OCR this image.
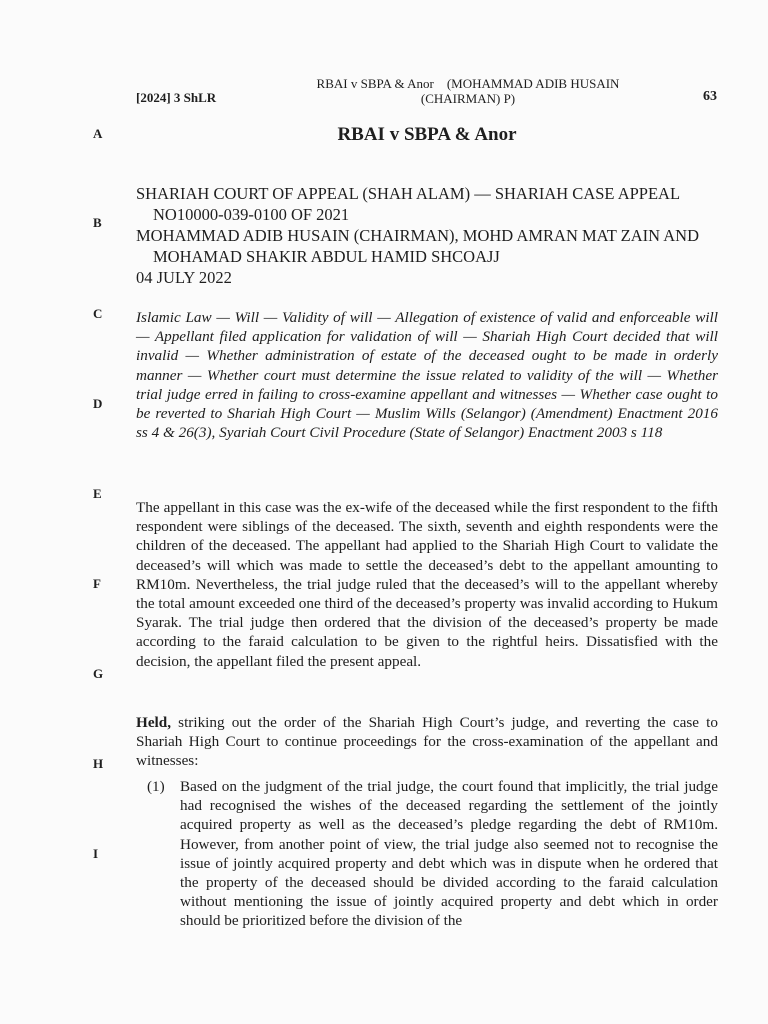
[2024] 3 ShLR
RBAI v SBPA & Anor    (MOHAMMAD ADIB HUSAIN
(CHAIRMAN) P)	63
A
B
C
D
E
F
G
H
I
RBAI v SBPA & Anor

SHARIAH COURT OF APPEAL (SHAH ALAM) — SHARIAH CASE APPEAL NO10000-039-0100 OF 2021

MOHAMMAD ADIB HUSAIN (CHAIRMAN), MOHD AMRAN MAT ZAIN AND MOHAMAD SHAKIR ABDUL HAMID SHCOAJJ

04 JULY 2022

Islamic Law — Will — Validity of will — Allegation of existence of valid and enforceable will — Appellant filed application for validation of will — Shariah High Court decided that will invalid — Whether administration of estate of the deceased ought to be made in orderly manner — Whether court must determine the issue related to validity of the will — Whether trial judge erred in failing to cross-examine appellant and witnesses — Whether case ought to be reverted to Shariah High Court — Muslim Wills (Selangor) (Amendment) Enactment 2016 ss 4 & 26(3), Syariah Court Civil Procedure (State of Selangor) Enactment 2003 s 118
The appellant in this case was the ex-wife of the deceased while the first respondent to the fifth respondent were siblings of the deceased. The sixth, seventh and eighth respondents were the children of the deceased. The appellant had applied to the Shariah High Court to validate the deceased’s will which was made to settle the deceased’s debt to the appellant amounting to RM10m. Nevertheless, the trial judge ruled that the deceased’s will to the appellant whereby the total amount exceeded one third of the deceased’s property was invalid according to Hukum Syarak. The trial judge then ordered that the division of the deceased’s property be made according to the faraid calculation to be given to the rightful heirs. Dissatisfied with the decision, the appellant filed the present appeal.
Held, striking out the order of the Shariah High Court’s judge, and reverting the case to Shariah High Court to continue proceedings for the cross-examination of the appellant and witnesses:
(1)	Based on the judgment of the trial judge, the court found that implicitly, the trial judge had recognised the wishes of the deceased regarding the settlement of the jointly acquired property as well as the deceased’s pledge regarding the debt of RM10m. However, from another point of view, the trial judge also seemed not to recognise the issue of jointly acquired property and debt which was in dispute when he ordered that the property of the deceased should be divided according to the faraid calculation without mentioning the issue of jointly acquired property and debt which in order should be prioritized before the division of the
